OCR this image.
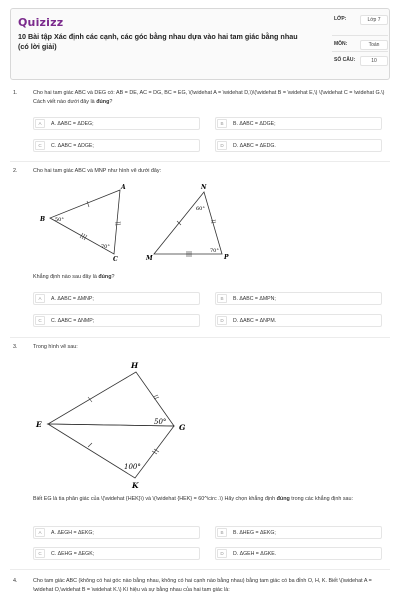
Quizizz
10 Bài tập Xác định các cạnh, các góc bằng nhau dựa vào hai tam giác bằng nhau (có lời giải)
LỚP:	Lớp 7
MÔN:	Toán
SỐ CÂU:	10
1.	Cho hai tam giác ABC và DEG có: AB = DE, AC = DG, BC = EG, \(\widehat A = \widehat D,\)\(\widehat B = \widehat E,\) \(\widehat C = \widehat G.\) Cách viết nào dưới đây là đúng?
A	A. ΔABC = ΔDEG;	B	B. ΔABC = ΔDGE;
C	C. ΔABC = ΔDGE;	D	D. ΔABC = ΔEDG.
2.	Cho hai tam giác ABC và MNP như hình vẽ dưới đây:
A
B
C
50°
70°
N
M	P
60°
70°
Khẳng định nào sau đây là đúng?
A	A. ΔABC = ΔMNP;	B	B. ΔABC = ΔMPN;
C	C. ΔABC = ΔNMP;	D	D. ΔABC = ΔNPM.
3.	Trong hình vẽ sau:
H
E	G
K
50°
100°
Biết EG là tia phân giác của \(\widehat {HEK}\) và \(\widehat {HEK} = 60^\circ .\) Hãy chọn khẳng định đúng trong các khẳng định sau:
A	A. ΔEGH = ΔEKG;	B	B. ΔHEG = ΔEKG;
C	C. ΔEHG = ΔEGK;	D	D. ΔGEH = ΔGKE.
4.	Cho tam giác ABC (không có hai góc nào bằng nhau, không có hai cạnh nào bằng nhau) bằng tam giác có ba đỉnh O, H, K. Biết \(\widehat A = \widehat O,\widehat B = \widehat K.\) Kí hiệu và sự bằng nhau của hai tam giác là:
